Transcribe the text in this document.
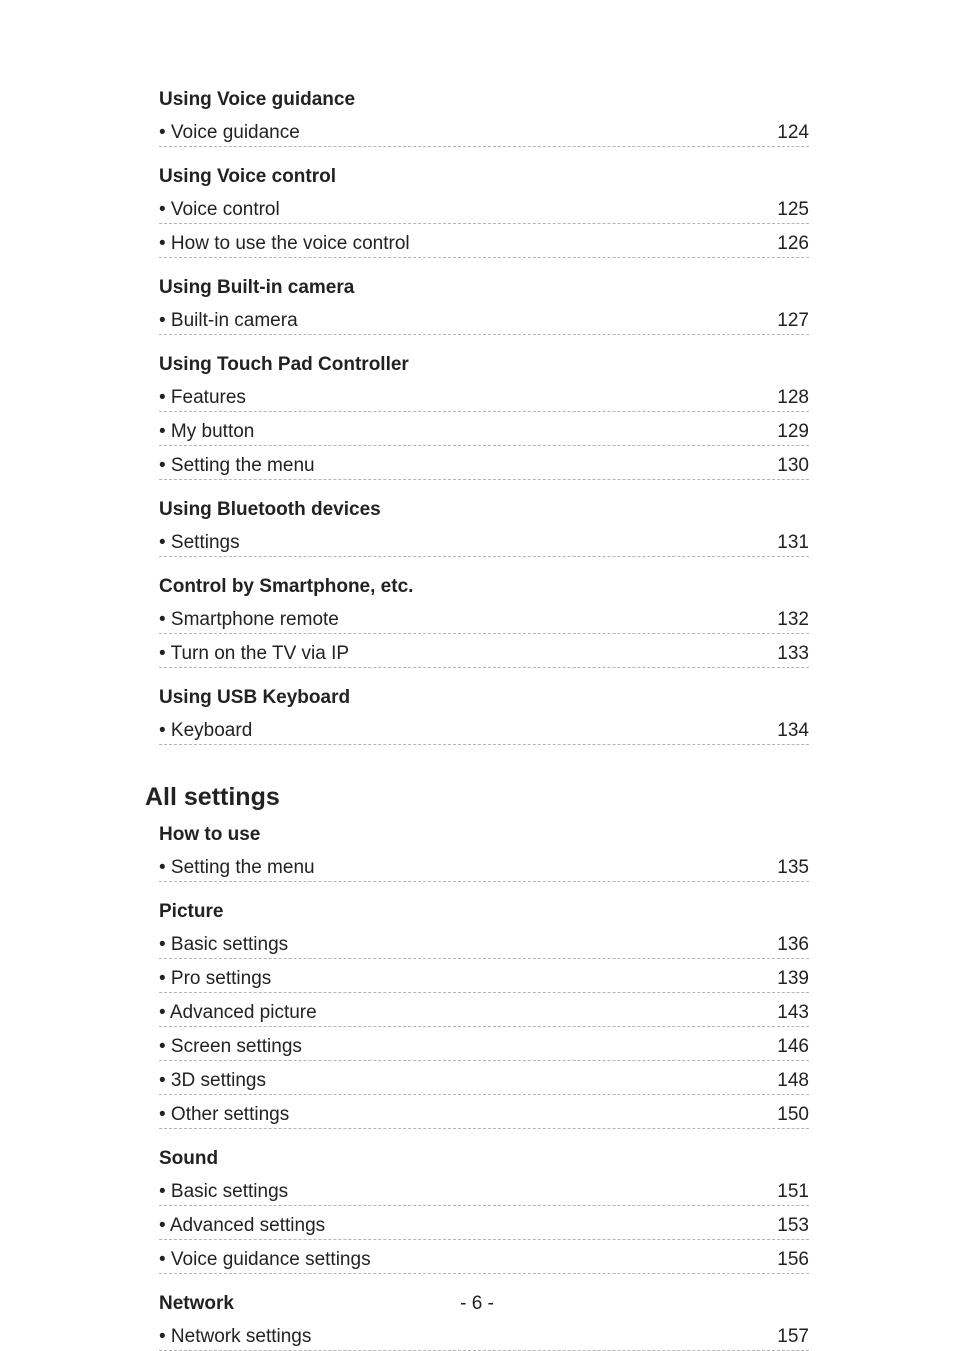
Using Voice guidance
• Voice guidance	124
Using Voice control
• Voice control	125
• How to use the voice control	126
Using Built-in camera
• Built-in camera	127
Using Touch Pad Controller
• Features	128
• My button	129
• Setting the menu	130
Using Bluetooth devices
• Settings	131
Control by Smartphone, etc.
• Smartphone remote	132
• Turn on the TV via IP	133
Using USB Keyboard
• Keyboard	134
All settings
How to use
• Setting the menu	135
Picture
• Basic settings	136
• Pro settings	139
• Advanced picture	143
• Screen settings	146
• 3D settings	148
• Other settings	150
Sound
• Basic settings	151
• Advanced settings	153
• Voice guidance settings	156
Network
• Network settings	157
- 6 -
